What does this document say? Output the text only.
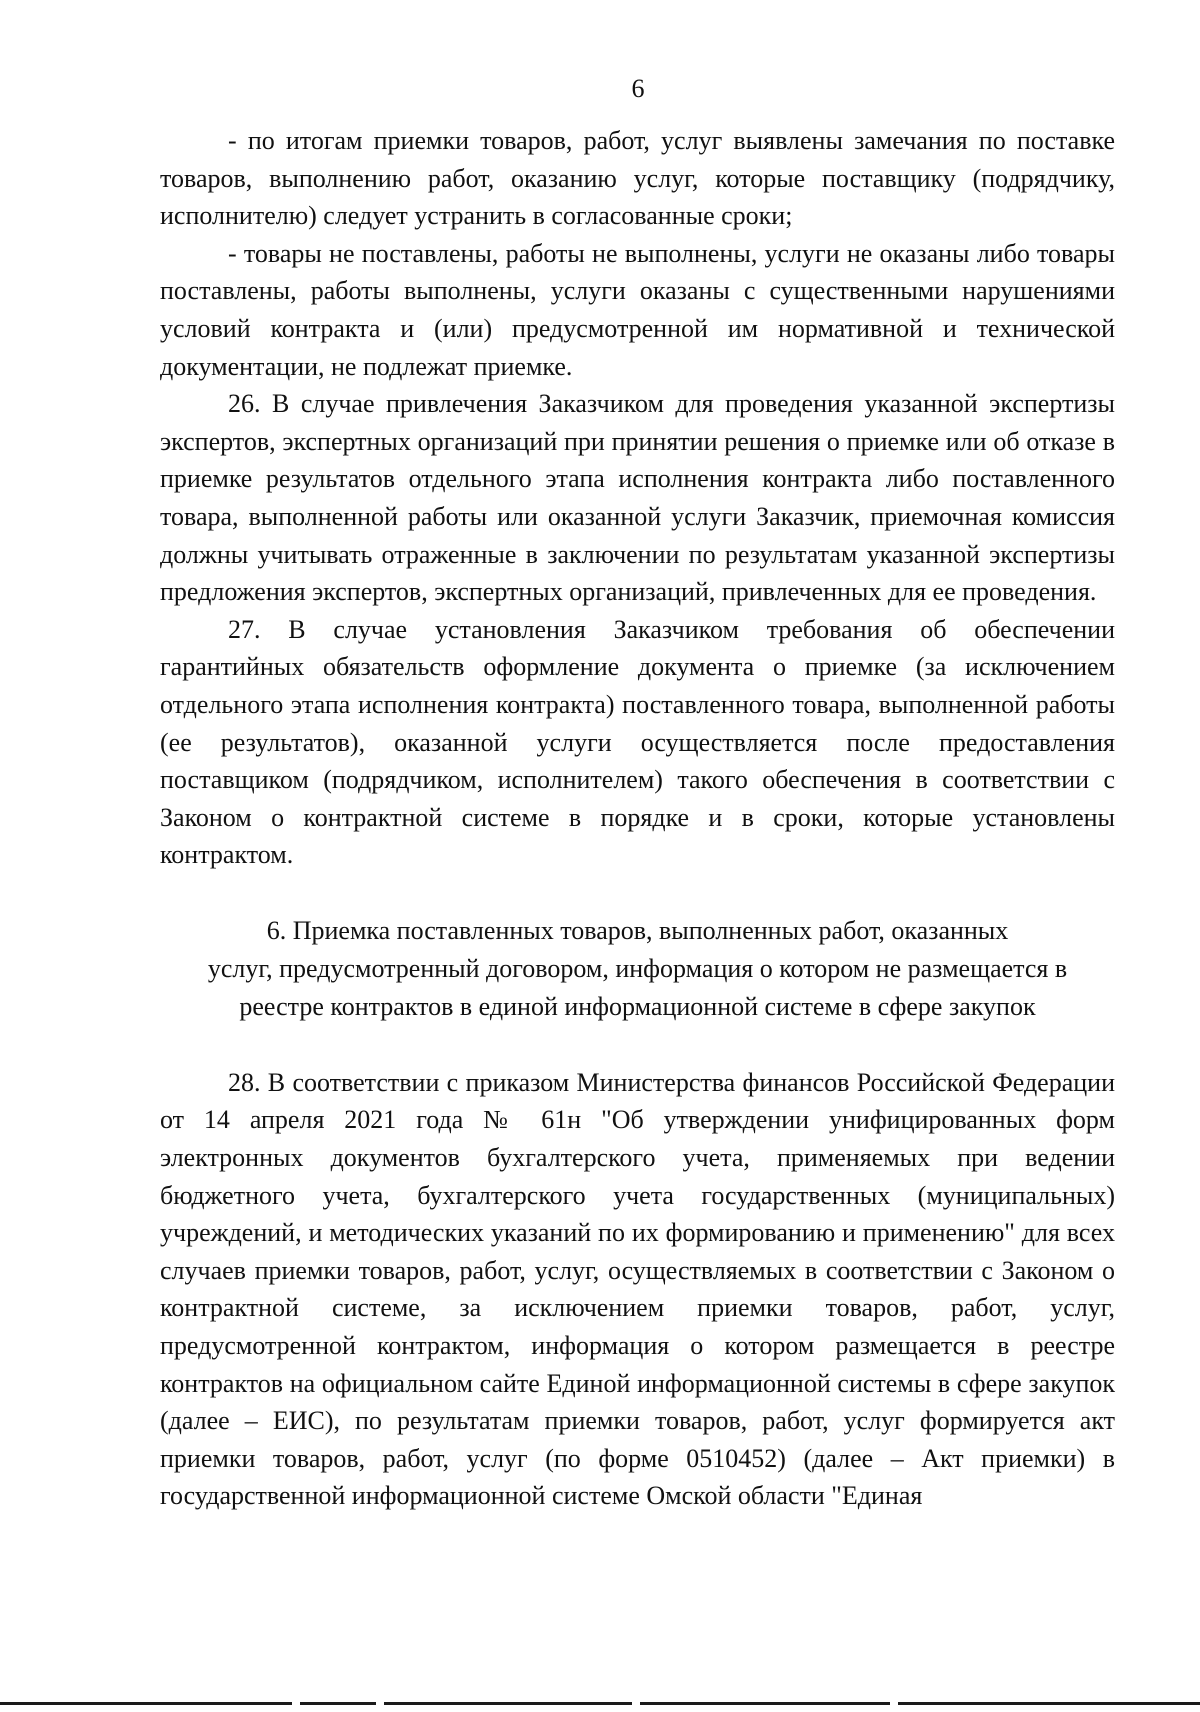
6

- по итогам приемки товаров, работ, услуг выявлены замечания по поставке товаров, выполнению работ, оказанию услуг, которые поставщику (подрядчику, исполнителю) следует устранить в согласованные сроки;

- товары не поставлены, работы не выполнены, услуги не оказаны либо товары поставлены, работы выполнены, услуги оказаны с существенными нарушениями условий контракта и (или) предусмотренной им нормативной и технической документации, не подлежат приемке.

26. В случае привлечения Заказчиком для проведения указанной экспертизы экспертов, экспертных организаций при принятии решения о приемке или об отказе в приемке результатов отдельного этапа исполнения контракта либо поставленного товара, выполненной работы или оказанной услуги Заказчик, приемочная комиссия должны учитывать отраженные в заключении по результатам указанной экспертизы предложения экспертов, экспертных организаций, привлеченных для ее проведения.

27. В случае установления Заказчиком требования об обеспечении гарантийных обязательств оформление документа о приемке (за исключением отдельного этапа исполнения контракта) поставленного товара, выполненной работы (ее результатов), оказанной услуги осуществляется после предоставления поставщиком (подрядчиком, исполнителем) такого обеспечения в соответствии с Законом о контрактной системе в порядке и в сроки, которые установлены контрактом.

6. Приемка поставленных товаров, выполненных работ, оказанных
услуг, предусмотренный договором, информация о котором не размещается в
реестре контрактов в единой информационной системе в сфере закупок

28. В соответствии с приказом Министерства финансов Российской Федерации от 14 апреля 2021 года № 61н "Об утверждении унифицированных форм электронных документов бухгалтерского учета, применяемых при ведении бюджетного учета, бухгалтерского учета государственных (муниципальных) учреждений, и методических указаний по их формированию и применению" для всех случаев приемки товаров, работ, услуг, осуществляемых в соответствии с Законом о контрактной системе, за исключением приемки товаров, работ, услуг, предусмотренной контрактом, информация о котором размещается в реестре контрактов на официальном сайте Единой информационной системы в сфере закупок (далее – ЕИС), по результатам приемки товаров, работ, услуг формируется акт приемки товаров, работ, услуг (по форме 0510452) (далее – Акт приемки) в государственной информационной системе Омской области "Единая
